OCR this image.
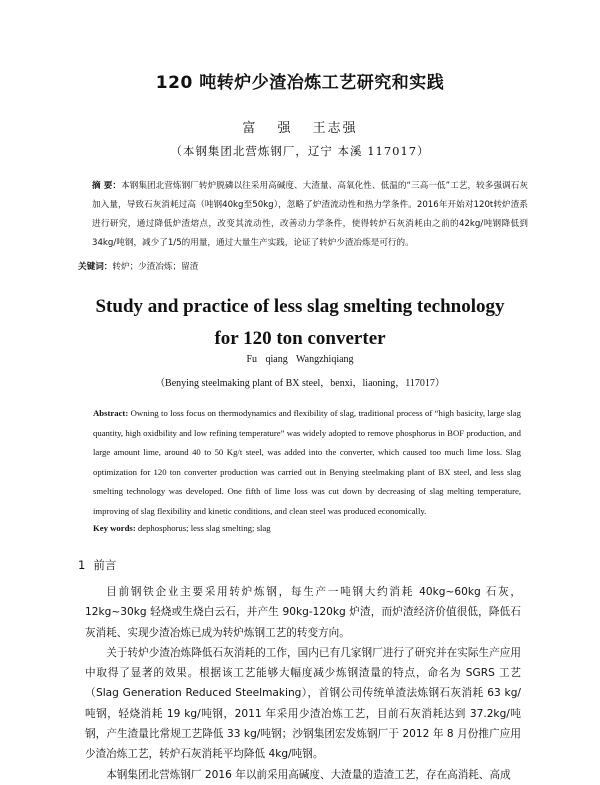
120 吨转炉少渣冶炼工艺研究和实践
富 强 王志强
（本钢集团北营炼钢厂，辽宁 本溪 117017）
摘 要：本钢集团北营炼钢厂转炉脱磷以往采用高碱度、大渣量、高氧化性、低温的“三高一低”工艺，较多强调石灰加入量，导致石灰消耗过高（吨钢40kg至50kg），忽略了炉渣流动性和热力学条件。2016年开始对120t转炉渣系进行研究，通过降低炉渣熔点，改变其流动性，改善动力学条件，使得转炉石灰消耗由之前的42kg/吨钢降低到34kg/吨钢，减少了1/5的用量，通过大量生产实践，论证了转炉少渣冶炼是可行的。
关键词：转炉；少渣冶炼；留渣
Study and practice of less slag smelting technology
for 120 ton converter
Fu qiang Wangzhiqiang
（Benying steelmaking plant of BX steel，benxi，liaoning，117017）
Abstract: Owning to loss focus on thermodynamics and flexibility of slag, traditional process of “high basicity, large slag quantity, high oxidbility and low refining temperature” was widely adopted to remove phosphorus in BOF production, and large amount lime, around 40 to 50 Kg/t steel, was added into the converter, which caused too much lime loss. Slag optimization for 120 ton converter production was carried out in Benying steelmaking plant of BX steel, and less slag smelting technology was developed. One fifth of lime loss was cut down by decreasing of slag melting temperature, improving of slag flexibility and kinetic conditions, and clean steel was produced economically.
Key words: dephosphorus; less slag smelting; slag
1 前言

目前钢铁企业主要采用转炉炼钢，每生产一吨钢大约消耗 40kg~60kg 石灰，12kg~30kg 轻烧或生烧白云石，并产生 90kg-120kg 炉渣，而炉渣经济价值很低，降低石灰消耗、实现少渣冶炼已成为转炉炼钢工艺的转变方向。

关于转炉少渣冶炼降低石灰消耗的工作，国内已有几家钢厂进行了研究并在实际生产应用中取得了显著的效果。根据该工艺能够大幅度减少炼钢渣量的特点，命名为 SGRS 工艺（Slag Generation Reduced Steelmaking），首钢公司传统单渣法炼钢石灰消耗 63 kg/吨钢，轻烧消耗 19 kg/吨钢，2011 年采用少渣冶炼工艺，目前石灰消耗达到 37.2kg/吨钢，产生渣量比常规工艺降低 33 kg/吨钢；沙钢集团宏发炼钢厂于 2012 年 8 月份推广应用少渣冶炼工艺，转炉石灰消耗平均降低 4kg/吨钢。

本钢集团北营炼钢厂 2016 年以前采用高碱度、大渣量的造渣工艺，存在高消耗、高成
